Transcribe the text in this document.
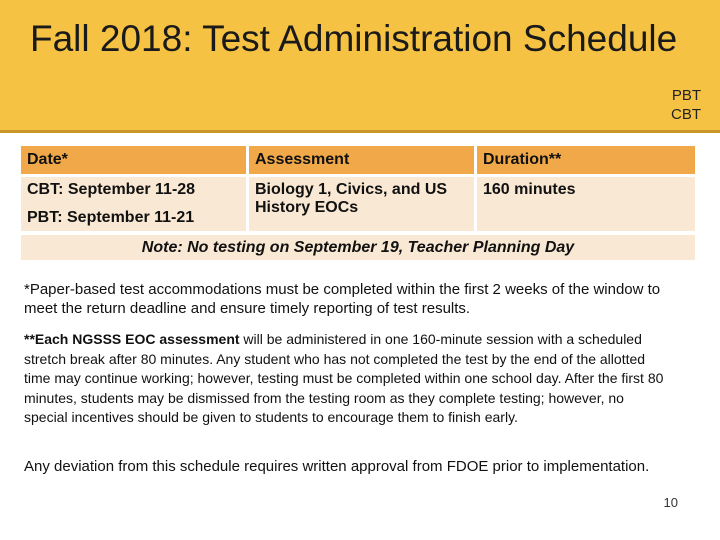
Fall 2018: Test Administration Schedule
PBT
CBT
Date*	Assessment	Duration**

CBT: September 11-28
PBT: September 11-21	Biology 1, Civics, and US History EOCs	160 minutes
Note: No testing on September 19, Teacher Planning Day

*Paper-based test accommodations must be completed within the first 2 weeks of the window to meet the return deadline and ensure timely reporting of test results.

**Each NGSSS EOC assessment will be administered in one 160-minute session with a scheduled stretch break after 80 minutes. Any student who has not completed the test by the end of the allotted time may continue working; however, testing must be completed within one school day. After the first 80 minutes, students may be dismissed from the testing room as they complete testing; however, no special incentives should be given to students to encourage them to finish early.

Any deviation from this schedule requires written approval from FDOE prior to implementation.

10
